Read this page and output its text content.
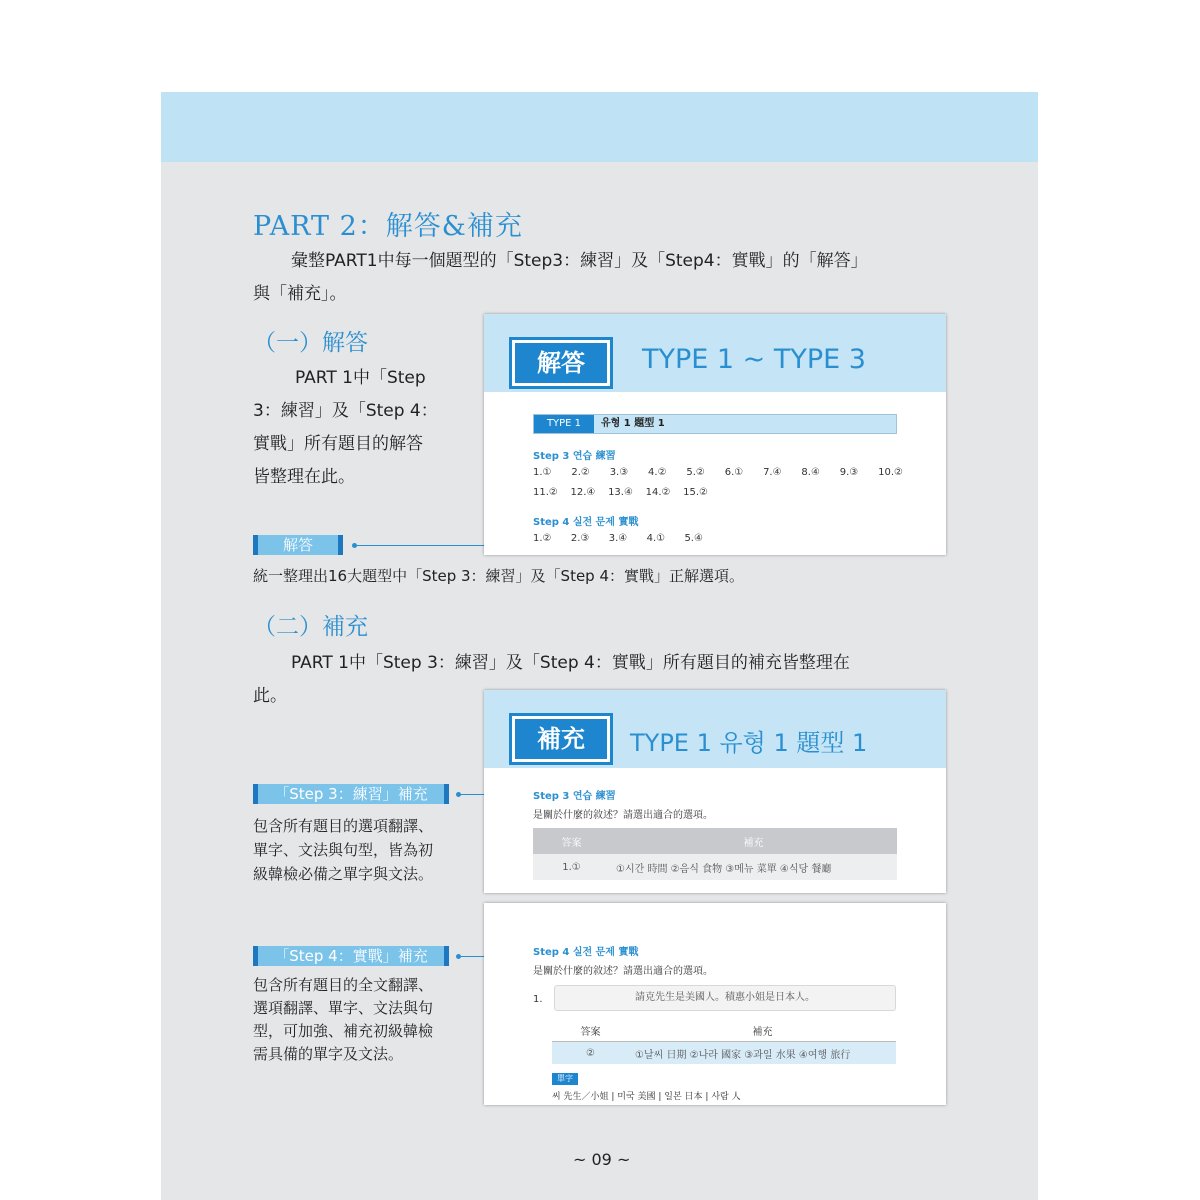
PART 2：解答&補充
彙整PART1中每一個題型的「Step3：練習」及「Step4：實戰」的「解答」
與「補充」。
（一）解答
PART 1中「Step
3：練習」及「Step 4：
實戰」所有題目的解答
皆整理在此。
解答
統一整理出16大題型中「Step 3：練習」及「Step 4：實戰」正解選項。
解答	TYPE 1 ~ TYPE 3
TYPE 1	유형 1 題型 1
Step 3 연습 練習
1.① 2.② 3.③ 4.② 5.② 6.① 7.④ 8.④ 9.③ 10.②
11.② 12.④ 13.④ 14.② 15.②
Step 4 실전 문제 實戰
1.② 2.③ 3.④ 4.① 5.④
（二）補充
PART 1中「Step 3：練習」及「Step 4：實戰」所有題目的補充皆整理在
此。
「Step 3：練習」補充
包含所有題目的選項翻譯、
單字、文法與句型，皆為初
級韓檢必備之單字與文法。
「Step 4：實戰」補充
包含所有題目的全文翻譯、
選項翻譯、單字、文法與句
型，可加強、補充初級韓檢
需具備的單字及文法。
補充	TYPE 1 유형 1 題型 1
Step 3 연습 練習
是關於什麼的敘述？請選出適合的選項。
答案	補充
1.①	①시간 時間 ②음식 食物 ③메뉴 菜單 ④식당 餐廳
Step 4 실전 문제 實戰
是關於什麼的敘述？請選出適合的選項。
1.	請克先生是美國人。積惠小姐是日本人。
答案	補充
②	①날씨 日期 ②나라 國家 ③과일 水果 ④여행 旅行
單字
씨 先生／小姐 | 미국 美國 | 일본 日本 | 사람 人
~ 09 ~
